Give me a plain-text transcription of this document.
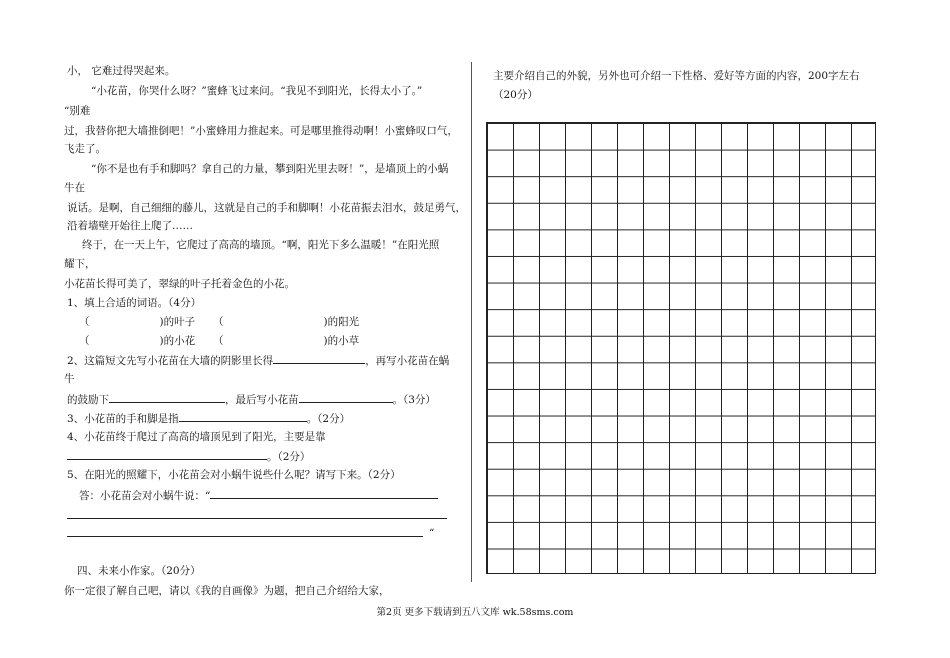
小， 它难过得哭起来。
“小花苗，你哭什么呀？”蜜蜂飞过来问。“我见不到阳光，长得太小了。”
“别难
过，我替你把大墙推倒吧！”小蜜蜂用力推起来。可是哪里推得动啊！小蜜蜂叹口气，
飞走了。
“你不是也有手和脚吗？拿自己的力量，攀到阳光里去呀！”，是墙顶上的小蜗
牛在
说话。是啊，自己细细的藤儿，这就是自己的手和脚啊！小花苗振去泪水，鼓足勇气，
沿着墙壁开始往上爬了……
终于，在一天上午，它爬过了高高的墙顶。“啊，阳光下多么温暖！”在阳光照
耀下，
小花苗长得可美了，翠绿的叶子托着金色的小花。
1、填上合适的词语。（4分）
（	)的叶子 （	)的阳光
（	)的小花 （	)的小草
2、这篇短文先写小花苗在大墙的阴影里长得	，再写小花苗在蜗
牛
的鼓励下	，最后写小花苗	。（3分）
3、小花苗的手和脚是指	。（2分）
4、小花苗终于爬过了高高的墙顶见到了阳光，主要是靠
。（2分）
5、在阳光的照耀下，小花苗会对小蜗牛说些什么呢？请写下来。（2分）
答：小花苗会对小蜗牛说：“
“
四、未来小作家。（20分）
你一定很了解自己吧，请以《我的自画像》为题，把自己介绍给大家，
主要介绍自己的外貌，另外也可介绍一下性格、爱好等方面的内容，200字左右
（20分）
第2页 更多下载请到五八文库 wk.58sms.com
